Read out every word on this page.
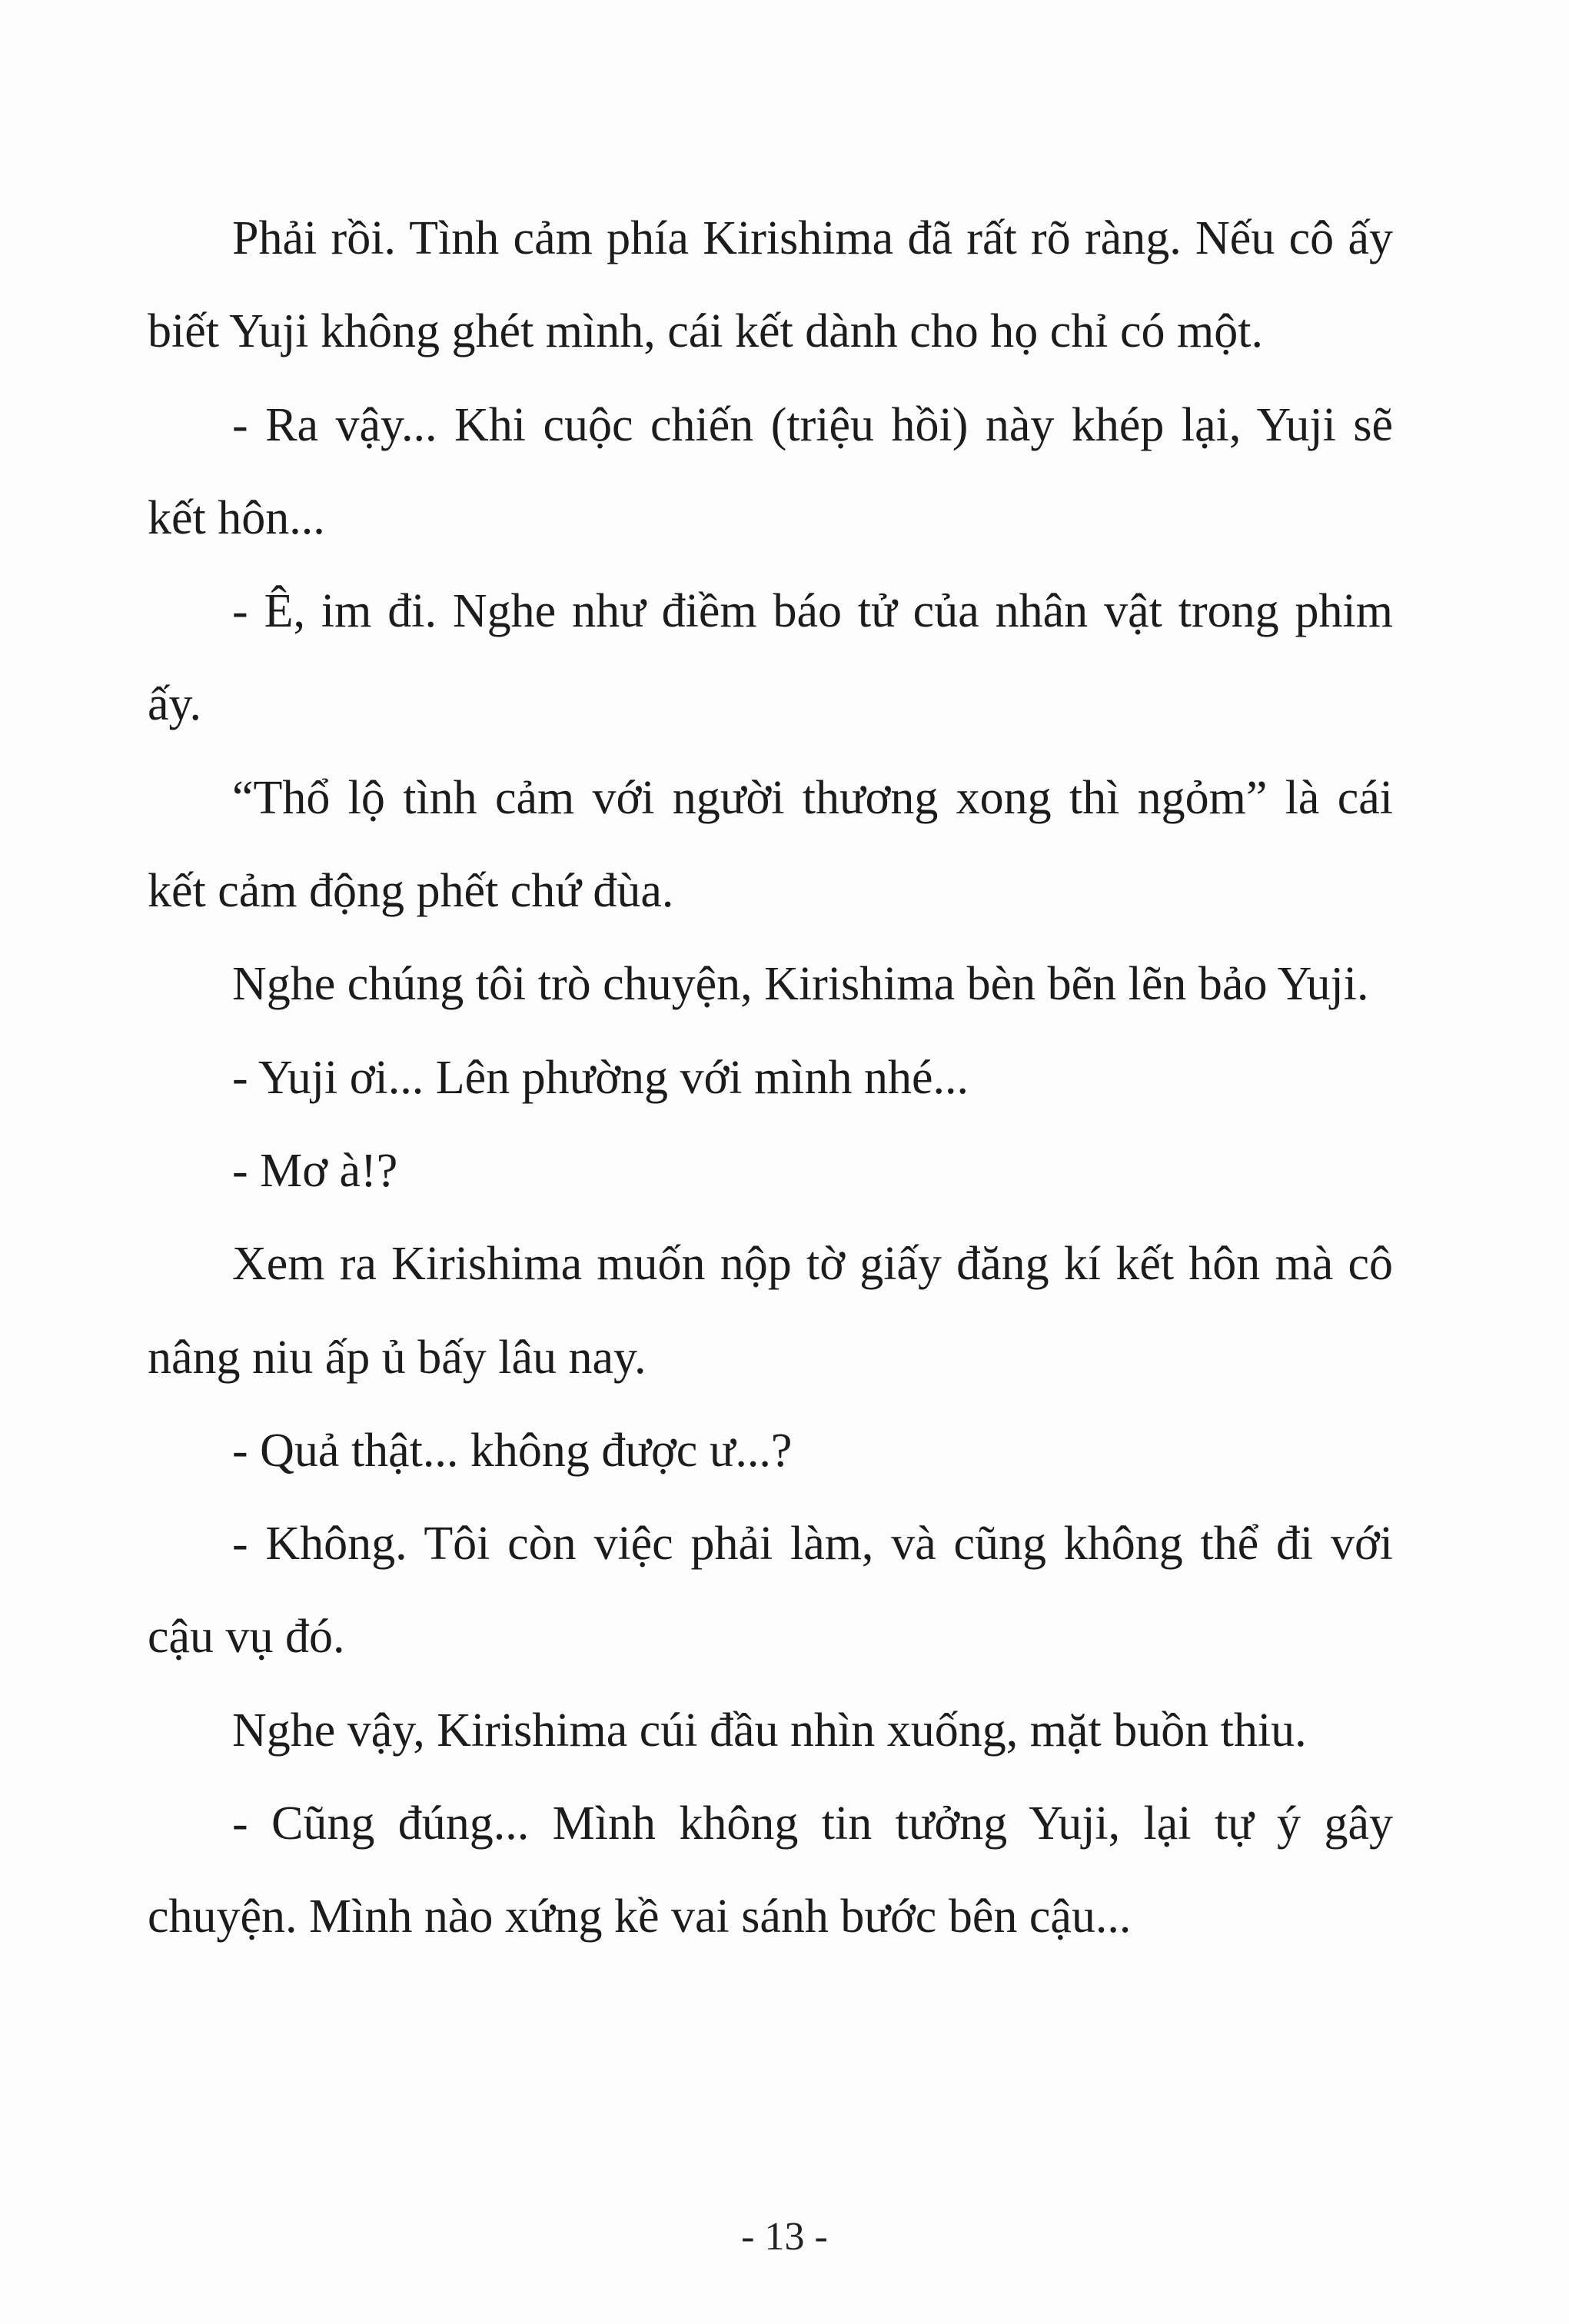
Phải rồi. Tình cảm phía Kirishima đã rất rõ ràng. Nếu cô ấy biết Yuji không ghét mình, cái kết dành cho họ chỉ có một.

- Ra vậy... Khi cuộc chiến (triệu hồi) này khép lại, Yuji sẽ kết hôn...

- Ê, im đi. Nghe như điềm báo tử của nhân vật trong phim ấy.

“Thổ lộ tình cảm với người thương xong thì ngỏm” là cái kết cảm động phết chứ đùa.

Nghe chúng tôi trò chuyện, Kirishima bèn bẽn lẽn bảo Yuji.

- Yuji ơi... Lên phường với mình nhé...

- Mơ à!?

Xem ra Kirishima muốn nộp tờ giấy đăng kí kết hôn mà cô nâng niu ấp ủ bấy lâu nay.

- Quả thật... không được ư...?

- Không. Tôi còn việc phải làm, và cũng không thể đi với cậu vụ đó.

Nghe vậy, Kirishima cúi đầu nhìn xuống, mặt buồn thiu.

- Cũng đúng... Mình không tin tưởng Yuji, lại tự ý gây chuyện. Mình nào xứng kề vai sánh bước bên cậu...

- 13 -
